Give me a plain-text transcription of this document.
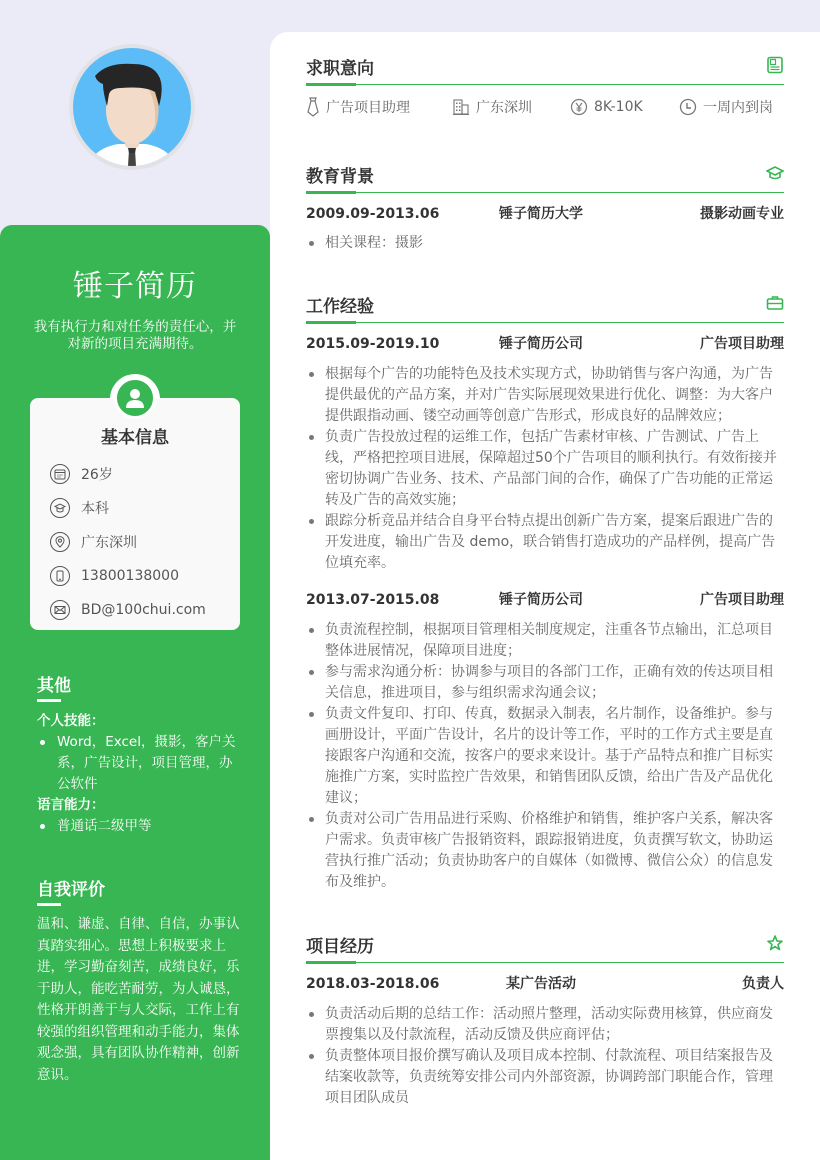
锤子简历

我有执行力和对任务的责任心，并对新的项目充满期待。

基本信息
26岁
本科
广东深圳
13800138000
BD@100chui.com
其他
个人技能：
Word，Excel，摄影，客户关系，广告设计，项目管理，办公软件
语言能力：
普通话二级甲等
自我评价

温和、谦虚、自律、自信，办事认真踏实细心。思想上积极要求上进，学习勤奋刻苦，成绩良好，乐于助人，能吃苦耐劳，为人诚恳，性格开朗善于与人交际，工作上有较强的组织管理和动手能力，集体观念强，具有团队协作精神，创新意识。

求职意向
广告项目助理	广东深圳	8K-10K	一周内到岗
教育背景
2009.09-2013.06	锤子简历大学	摄影动画专业
相关课程：摄影
工作经验
2015.09-2019.10	锤子简历公司	广告项目助理
根据每个广告的功能特色及技术实现方式，协助销售与客户沟通，为广告提供最优的产品方案，并对广告实际展现效果进行优化、调整：为大客户提供跟指动画、镂空动画等创意广告形式，形成良好的品牌效应；
负责广告投放过程的运维工作，包括广告素材审核、广告测试、广告上线，严格把控项目进展，保障超过50个广告项目的顺利执行。有效衔接并密切协调广告业务、技术、产品部门间的合作，确保了广告功能的正常运转及广告的高效实施；
跟踪分析竞品并结合自身平台特点提出创新广告方案，提案后跟进广告的开发进度，输出广告及 demo，联合销售打造成功的产品样例，提高广告位填充率。
2013.07-2015.08	锤子简历公司	广告项目助理
负责流程控制，根据项目管理相关制度规定，注重各节点输出，汇总项目整体进展情况，保障项目进度；
参与需求沟通分析：协调参与项目的各部门工作，正确有效的传达项目相关信息，推进项目，参与组织需求沟通会议；
负责文件复印、打印、传真，数据录入制表，名片制作，设备维护。参与画册设计，平面广告设计，名片的设计等工作，平时的工作方式主要是直接跟客户沟通和交流，按客户的要求来设计。基于产品特点和推广目标实施推广方案，实时监控广告效果，和销售团队反馈，给出广告及产品优化建议；
负责对公司广告用品进行采购、价格维护和销售，维护客户关系，解决客户需求。负责审核广告报销资料，跟踪报销进度，负责撰写软文，协助运营执行推广活动；负责协助客户的自媒体（如微博、微信公众）的信息发布及维护。
项目经历
2018.03-2018.06	某广告活动	负责人
负责活动后期的总结工作：活动照片整理，活动实际费用核算，供应商发票搜集以及付款流程，活动反馈及供应商评估；
负责整体项目报价撰写确认及项目成本控制、付款流程、项目结案报告及结案收款等，负责统筹安排公司内外部资源，协调跨部门职能合作，管理项目团队成员
